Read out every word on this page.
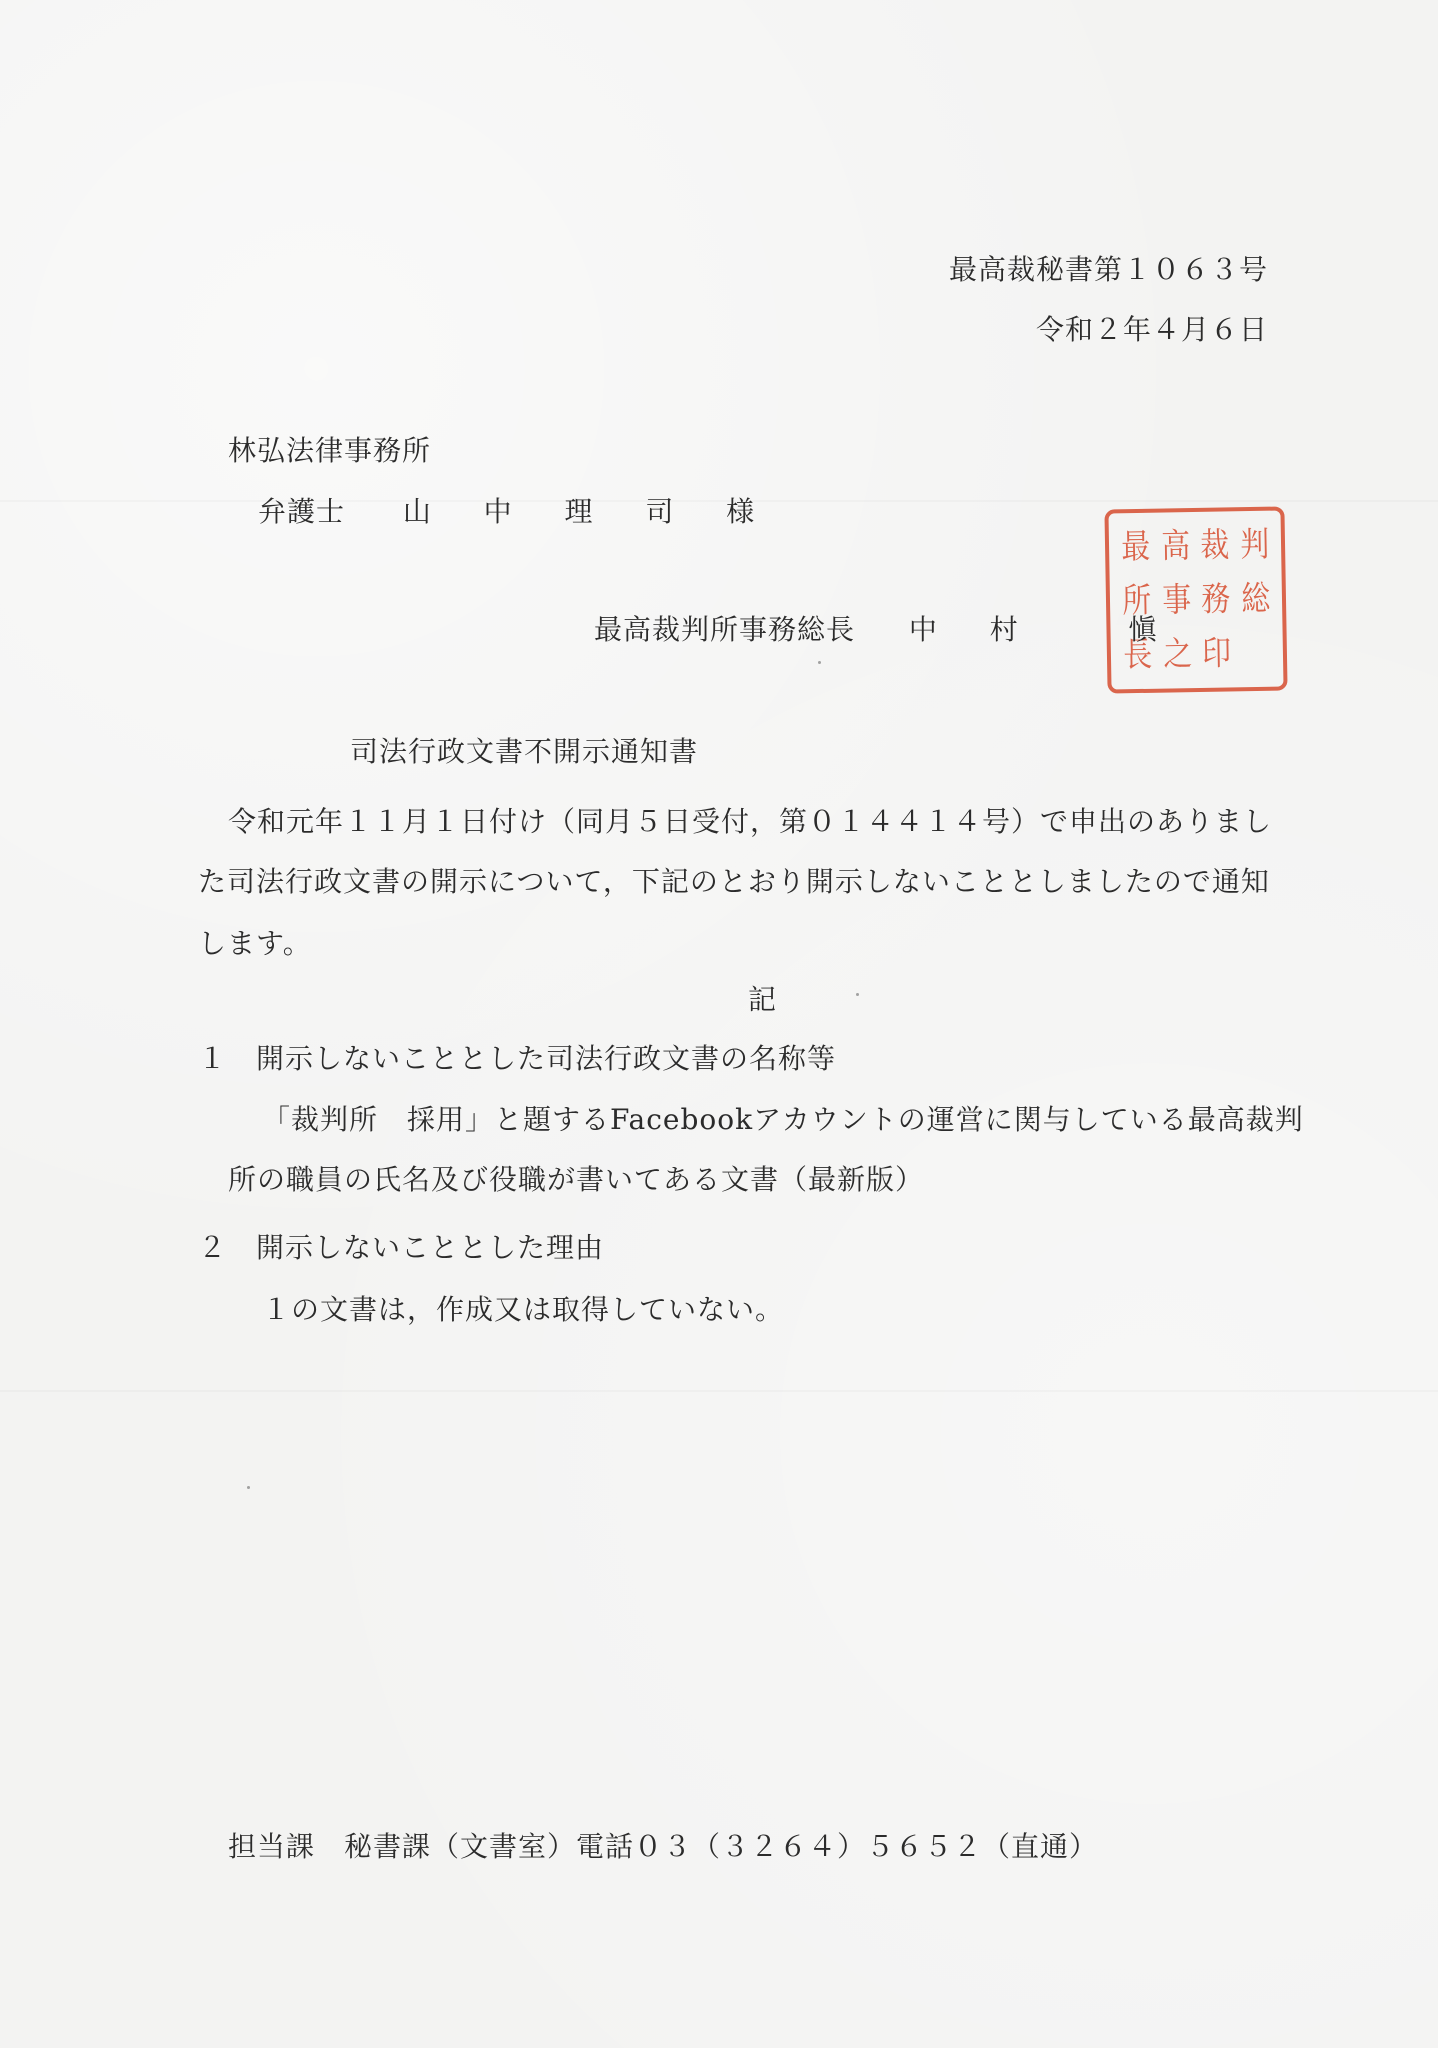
最高裁秘書第１０６３号
令和２年４月６日
林弘法律事務所
弁護士 山 中 理 司 様
最 高 裁 判
所 事 務 総
長 之 印

最高裁判所事務総長 中 村	愼
司法行政文書不開示通知書
令和元年１１月１日付け（同月５日受付，第０１４４１４号）で申出のありまし
た司法行政文書の開示について，下記のとおり開示しないこととしましたので通知
します。
記
１　開示しないこととした司法行政文書の名称等
「裁判所　採用」と題するFacebookアカウントの運営に関与している最高裁判
所の職員の氏名及び役職が書いてある文書（最新版）
２　開示しないこととした理由
１の文書は，作成又は取得していない。
担当課　秘書課（文書室）電話０３（３２６４）５６５２（直通）
